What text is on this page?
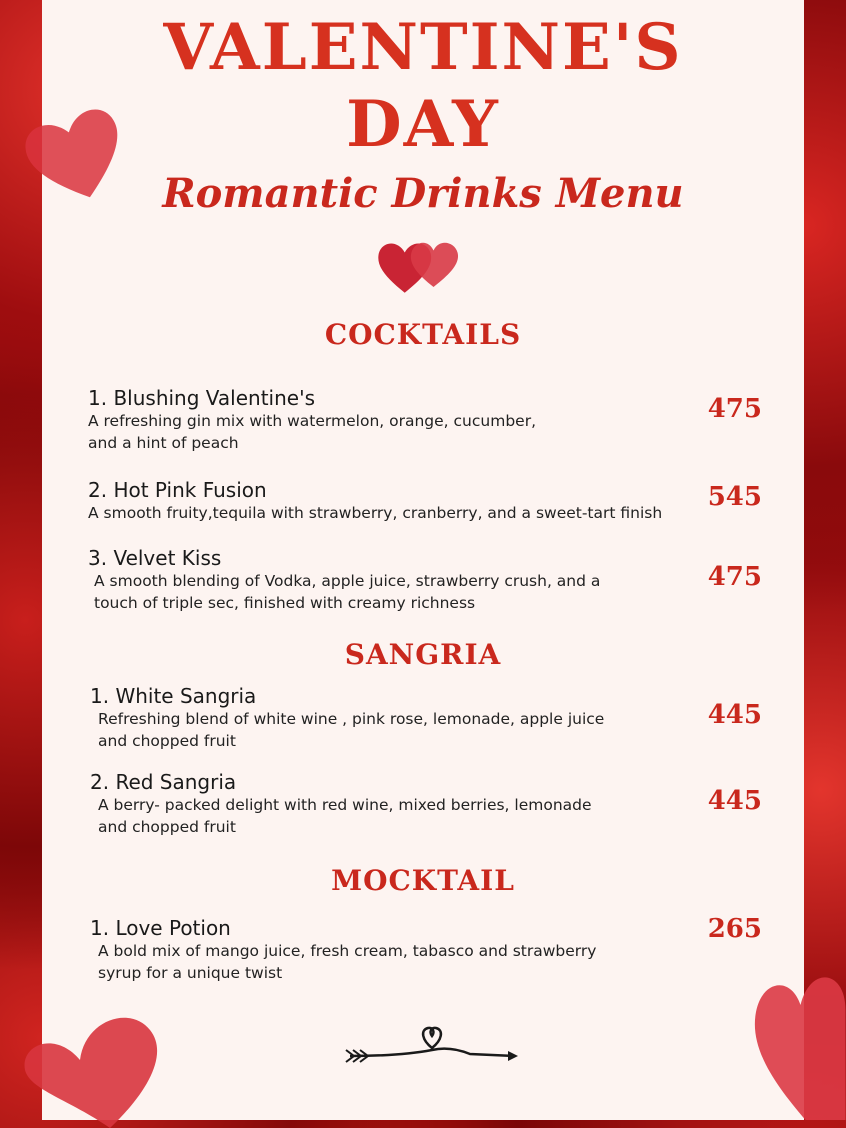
VALENTINE'S
DAY
Romantic Drinks Menu
COCKTAILS
1. Blushing Valentine's
A refreshing gin mix with watermelon, orange, cucumber,
and a hint of peach
475
2. Hot Pink Fusion
A smooth fruity,tequila with strawberry, cranberry, and a sweet-tart finish
545
3. Velvet Kiss
A smooth blending of Vodka, apple juice, strawberry crush, and a
touch of triple sec, finished with creamy richness
475
SANGRIA
1. White Sangria
Refreshing blend of white wine , pink rose, lemonade, apple juice
and chopped fruit
445
2. Red Sangria
A berry- packed delight with red wine, mixed berries, lemonade
and chopped fruit
445
MOCKTAIL
1. Love Potion
A bold mix of mango juice, fresh cream, tabasco and strawberry
syrup for a unique twist
265
